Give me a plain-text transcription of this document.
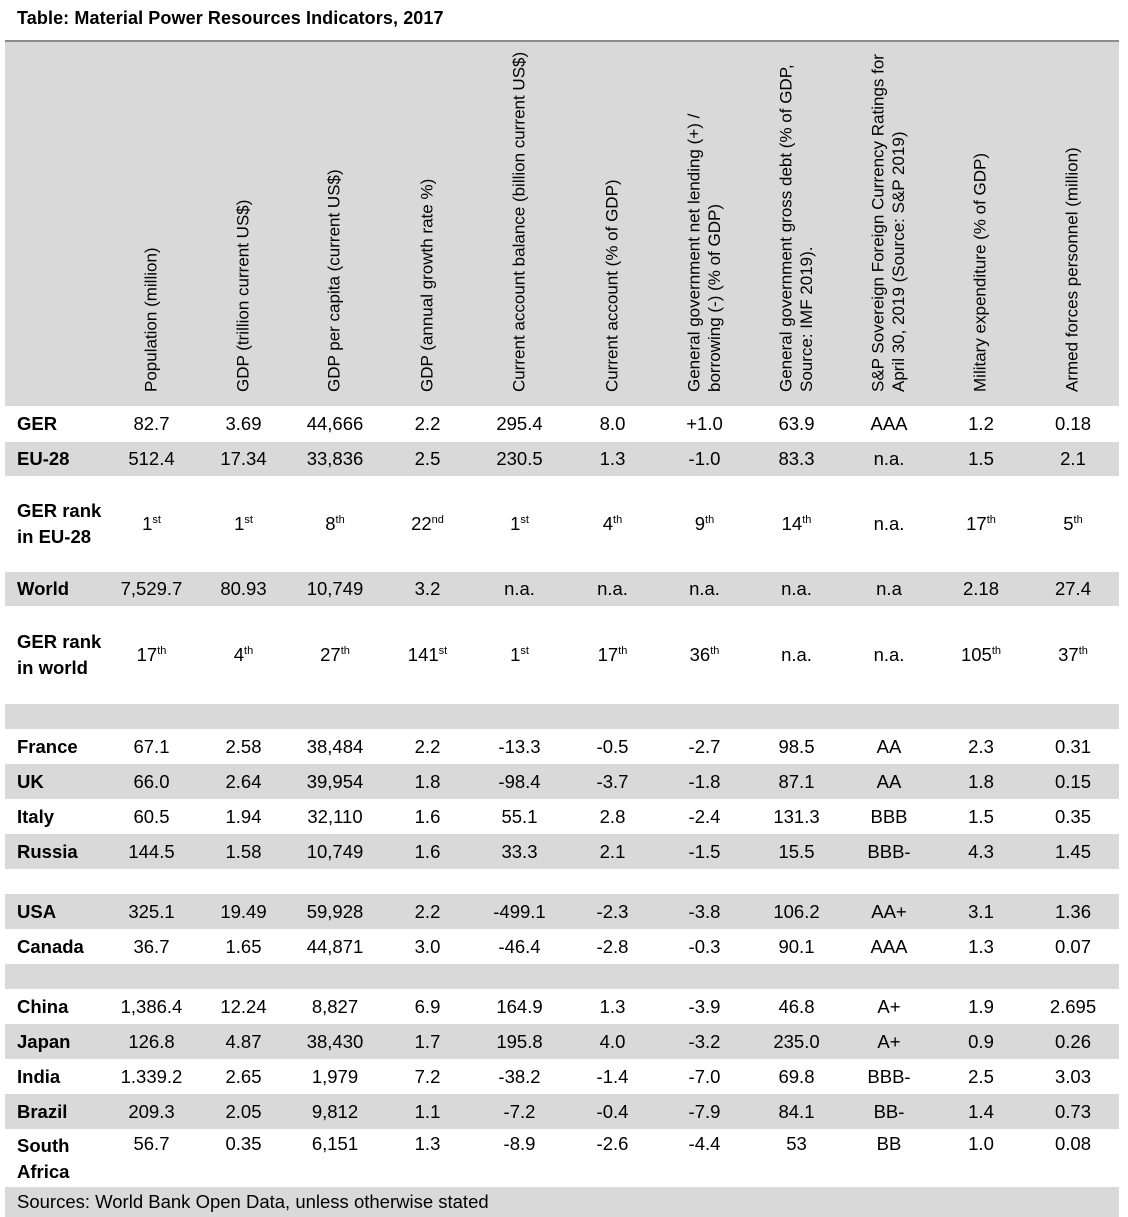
Table: Material Power Resources Indicators, 2017

	Population (million)	GDP (trillion current US$)	GDP per capita (current US$)	GDP (annual growth rate %)	Current account balance (billion current US$)	Current account (% of GDP)	General government net lending (+) / borrowing (-) (% of GDP)	General government gross debt (% of GDP, Source: IMF 2019).	S&P Sovereign Foreign Currency Ratings for April 30, 2019 (Source: S&P 2019)	Military expenditure (% of GDP)	Armed forces personnel (million)

GER	82.7	3.69	44,666	2.2	295.4	8.0	+1.0	63.9	AAA	1.2	0.18
EU-28	512.4	17.34	33,836	2.5	230.5	1.3	-1.0	83.3	n.a.	1.5	2.1
GER rank in EU-28	1st	1st	8th	22nd	1st	4th	9th	14th	n.a.	17th	5th
World	7,529.7	80.93	10,749	3.2	n.a.	n.a.	n.a.	n.a.	n.a	2.18	27.4
GER rank in world	17th	4th	27th	141st	1st	17th	36th	n.a.	n.a.	105th	37th

France	67.1	2.58	38,484	2.2	-13.3	-0.5	-2.7	98.5	AA	2.3	0.31
UK	66.0	2.64	39,954	1.8	-98.4	-3.7	-1.8	87.1	AA	1.8	0.15
Italy	60.5	1.94	32,110	1.6	55.1	2.8	-2.4	131.3	BBB	1.5	0.35
Russia	144.5	1.58	10,749	1.6	33.3	2.1	-1.5	15.5	BBB-	4.3	1.45

USA	325.1	19.49	59,928	2.2	-499.1	-2.3	-3.8	106.2	AA+	3.1	1.36
Canada	36.7	1.65	44,871	3.0	-46.4	-2.8	-0.3	90.1	AAA	1.3	0.07

China	1,386.4	12.24	8,827	6.9	164.9	1.3	-3.9	46.8	A+	1.9	2.695
Japan	126.8	4.87	38,430	1.7	195.8	4.0	-3.2	235.0	A+	0.9	0.26
India	1.339.2	2.65	1,979	7.2	-38.2	-1.4	-7.0	69.8	BBB-	2.5	3.03
Brazil	209.3	2.05	9,812	1.1	-7.2	-0.4	-7.9	84.1	BB-	1.4	0.73
South Africa	56.7	0.35	6,151	1.3	-8.9	-2.6	-4.4	53	BB	1.0	0.08
Sources: World Bank Open Data, unless otherwise stated											
